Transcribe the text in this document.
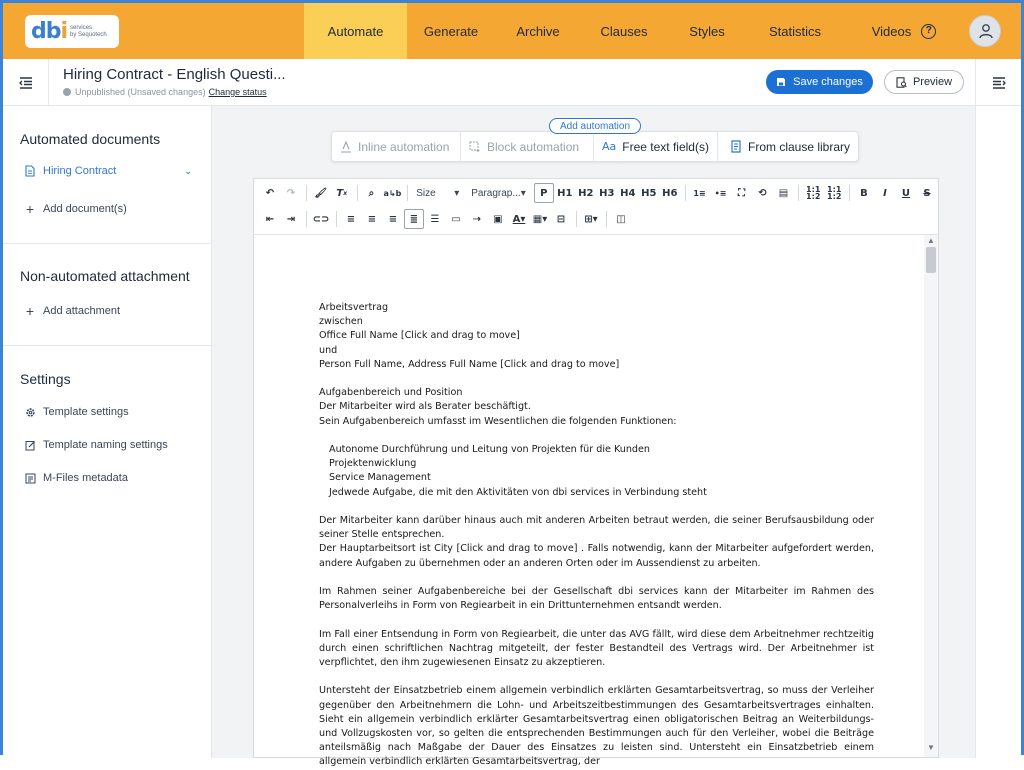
dbi services
by Sequotech	Automate	Generate	Archive	Clauses	Styles	Statistics	Videos	?
Hiring Contract - English Questi...
Unpublished (Unsaved changes) Change status
Save changes	Preview
Automated documents
Hiring Contract	⌄
+ Add document(s)
Non-automated attachment
+ Add attachment
Settings
Template settings
Template naming settings
M-Files metadata
Inline automation	Block automation Aa Free text field(s)	From clause library
Add automation
↶	↷	🖌 T x	⌕	a↳b Size ▾ Paragrap... ▾	P H1 H2 H3 H4 H5 H6	1≡	•≡	⛶	⟲	▤	1:1
1:2
1:1
1:2	B	I	U	S
⇤	⇥	⊂⊃	≡	≡	≡	≣	☰	▭	⇢	▣ A▾ ▦▾ ⊟	⊞▾	◫
Arbeitsvertrag
zwischen
Office Full Name [Click and drag to move]
und
Person Full Name, Address Full Name [Click and drag to move]
Aufgabenbereich und Position
Der Mitarbeiter wird als Berater beschäftigt.
Sein Aufgabenbereich umfasst im Wesentlichen die folgenden Funktionen:
Autonome Durchführung und Leitung von Projekten für die Kunden
Projektenwicklung
Service Management
Jedwede Aufgabe, die mit den Aktivitäten von dbi services in Verbindung steht

Der Mitarbeiter kann darüber hinaus auch mit anderen Arbeiten betraut werden, die seiner Berufsausbildung oder seiner Stelle entsprechen.

Der Hauptarbeitsort ist City [Click and drag to move] . Falls notwendig, kann der Mitarbeiter aufgefordert werden, andere Aufgaben zu übernehmen oder an anderen Orten oder im Aussendienst zu arbeiten.

Im Rahmen seiner Aufgabenbereiche bei der Gesellschaft dbi services kann der Mitarbeiter im Rahmen des Personalverleihs in Form von Regiearbeit in ein Drittunternehmen entsandt werden.

Im Fall einer Entsendung in Form von Regiearbeit, die unter das AVG fällt, wird diese dem Arbeitnehmer rechtzeitig durch einen schriftlichen Nachtrag mitgeteilt, der fester Bestandteil des Vertrags wird. Der Arbeitnehmer ist verpflichtet, den ihm zugewiesenen Einsatz zu akzeptieren.

Untersteht der Einsatzbetrieb einem allgemein verbindlich erklärten Gesamtarbeitsvertrag, so muss der Verleiher gegenüber den Arbeitnehmern die Lohn- und Arbeitszeitbestimmungen des Gesamtarbeitsvertrages einhalten. Sieht ein allgemein verbindlich erklärter Gesamtarbeitsvertrag einen obligatorischen Beitrag an Weiterbildungs- und Vollzugskosten vor, so gelten die entsprechenden Bestimmungen auch für den Verleiher, wobei die Beiträge anteilsmäßig nach Maßgabe der Dauer des Einsatzes zu leisten sind. Untersteht ein Einsatzbetrieb einem allgemein verbindlich erklärten Gesamtarbeitsvertrag, der

▲
▼
